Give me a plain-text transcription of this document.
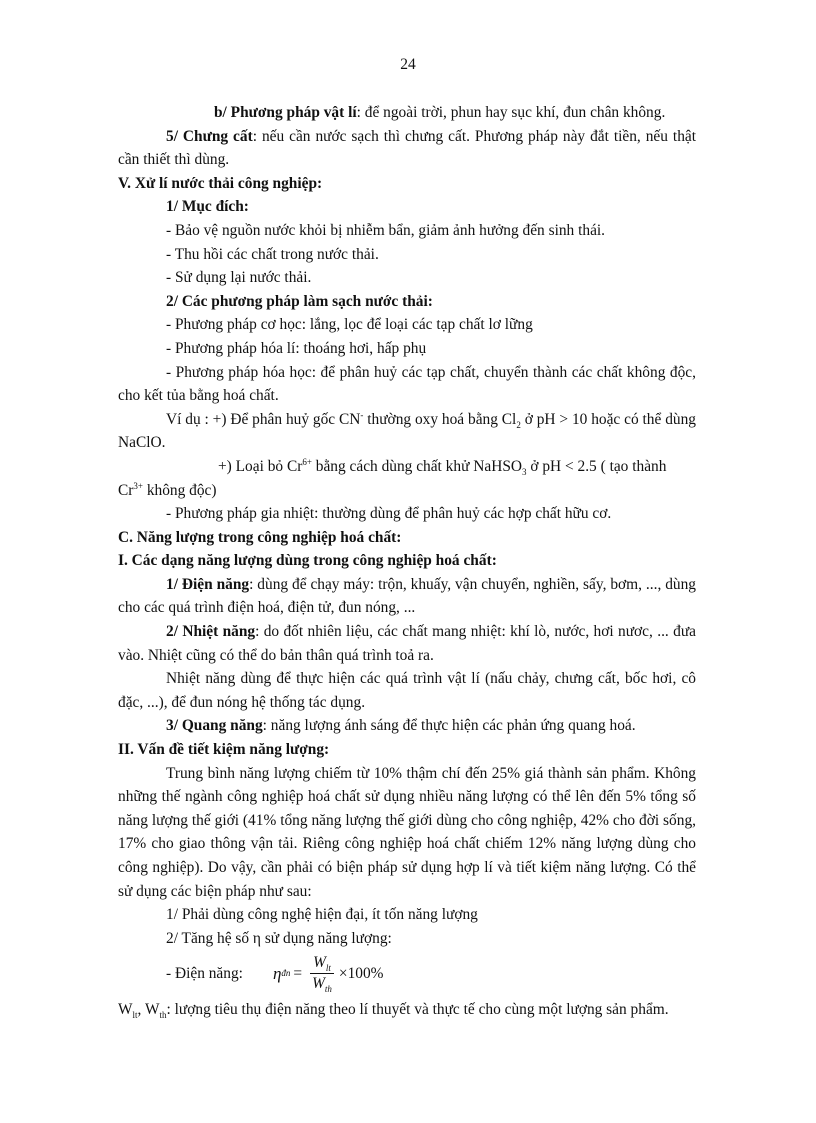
24

b/ Phương pháp vật lí: để ngoài trời, phun hay sục khí, đun chân không.

5/ Chưng cất: nếu cần nước sạch thì chưng cất. Phương pháp này đắt tiền, nếu thật cần thiết thì dùng.

V. Xử lí nước thải công nghiệp:

1/ Mục đích:

- Bảo vệ nguồn nước khỏi bị nhiễm bẩn, giảm ảnh hưởng đến sinh thái.

- Thu hồi các chất trong nước thải.

- Sử dụng lại nước thải.

2/ Các phương pháp làm sạch nước thải:

- Phương pháp cơ học: lắng, lọc để loại các tạp chất lơ lững

- Phương pháp hóa lí: thoáng hơi, hấp phụ

- Phương pháp hóa học: để phân huỷ các tạp chất, chuyển thành các chất không độc, cho kết tủa bằng hoá chất.

Ví dụ : +) Để phân huỷ gốc CN- thường oxy hoá bằng $Cl_2$ ở pH > 10 hoặc có thể dùng NaClO.

+) Loại bỏ $Cr^{6+}$ bằng cách dùng chất khử NaHSO$_3$ ở pH < 2.5 ( tạo thành

$Cr^{3+}$ không độc)

- Phương pháp gia nhiệt: thường dùng để phân huỷ các hợp chất hữu cơ.

C. Năng lượng trong công nghiệp hoá chất:

I. Các dạng năng lượng dùng trong công nghiệp hoá chất:

1/ Điện năng: dùng để chạy máy: trộn, khuấy, vận chuyển, nghiền, sấy, bơm, ..., dùng cho các quá trình điện hoá, điện tử, đun nóng, ...

2/ Nhiệt năng: do đốt nhiên liệu, các chất mang nhiệt: khí lò, nước, hơi nươc, ... đưa vào. Nhiệt cũng có thể do bản thân quá trình toả ra.

Nhiệt năng dùng để thực hiện các quá trình vật lí (nấu chảy, chưng cất, bốc hơi, cô đặc, ...), để đun nóng hệ thống tác dụng.

3/ Quang năng: năng lượng ánh sáng để thực hiện các phản ứng quang hoá.

II. Vấn đề tiết kiệm năng lượng:

Trung bình năng lượng chiếm từ 10% thậm chí đến 25% giá thành sản phẩm. Không những thế ngành công nghiệp hoá chất sử dụng nhiều năng lượng có thể lên đến 5% tổng số năng lượng thế giới (41% tổng năng lượng thế giới dùng cho công nghiệp, 42% cho đời sống, 17% cho giao thông vận tải. Riêng công nghiệp hoá chất chiếm 12% năng lượng dùng cho công nghiệp). Do vậy, cần phải có biện pháp sử dụng hợp lí và tiết kiệm năng lượng. Có thể sử dụng các biện pháp như sau:

1/ Phải dùng công nghệ hiện đại, ít tốn năng lượng

2/ Tăng hệ số η sử dụng năng lượng:

- Điện năng: η đn = $\frac{W_{lt}}{W_{th}} \times 100\%$

$W_{lt}$, $W_{th}$: lượng tiêu thụ điện năng theo lí thuyết và thực tế cho cùng một lượng sản phẩm.
